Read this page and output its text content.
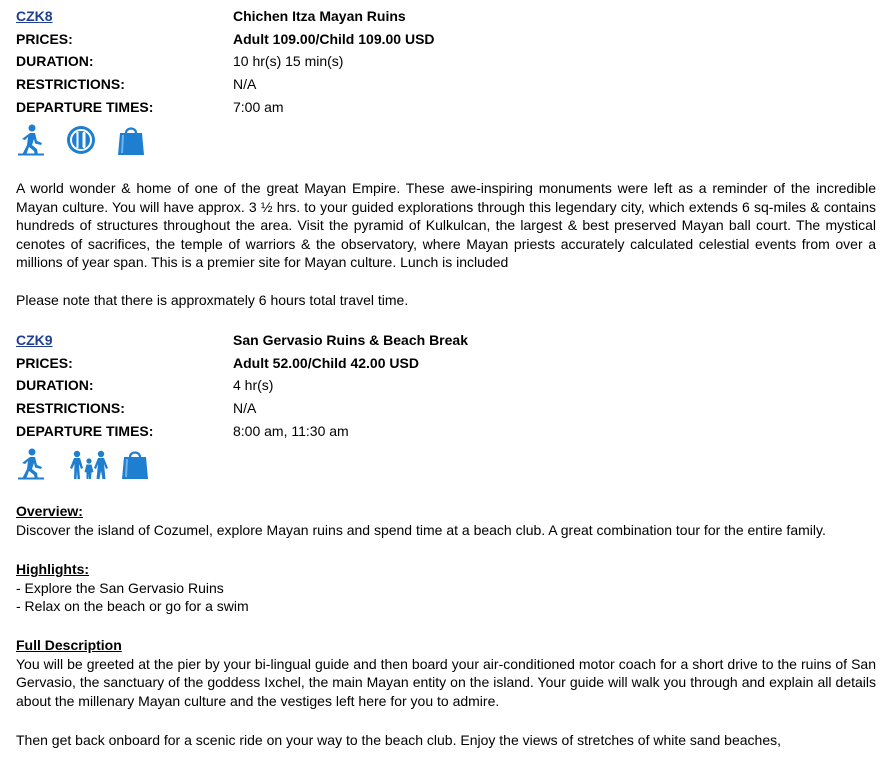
CZK8	Chichen Itza Mayan Ruins
PRICES:	Adult 109.00/Child 109.00 USD
DURATION:	10 hr(s) 15 min(s)
RESTRICTIONS:	N/A
DEPARTURE TIMES:	7:00 am

A world wonder & home of one of the great Mayan Empire. These awe-inspiring monuments were left as a reminder of the incredible Mayan culture. You will have approx. 3 ½ hrs. to your guided explorations through this legendary city, which extends 6 sq-miles & contains hundreds of structures throughout the area. Visit the pyramid of Kulkulcan, the largest & best preserved Mayan ball court. The mystical cenotes of sacrifices, the temple of warriors & the observatory, where Mayan priests accurately calculated celestial events from over a millions of year span. This is a premier site for Mayan culture. Lunch is included

Please note that there is approxmately 6 hours total travel time.

CZK9	San Gervasio Ruins & Beach Break
PRICES:	Adult 52.00/Child 42.00 USD
DURATION:	4 hr(s)
RESTRICTIONS:	N/A
DEPARTURE TIMES:	8:00 am, 11:30 am
Overview:
Discover the island of Cozumel, explore Mayan ruins and spend time at a beach club. A great combination tour for the entire family.
Highlights:
- Explore the San Gervasio Ruins
- Relax on the beach or go for a swim
Full Description
You will be greeted at the pier by your bi-lingual guide and then board your air-conditioned motor coach for a short drive to the ruins of San Gervasio, the sanctuary of the goddess Ixchel, the main Mayan entity on the island. Your guide will walk you through and explain all details about the millenary Mayan culture and the vestiges left here for you to admire.

Then get back onboard for a scenic ride on your way to the beach club. Enjoy the views of stretches of white sand beaches,
